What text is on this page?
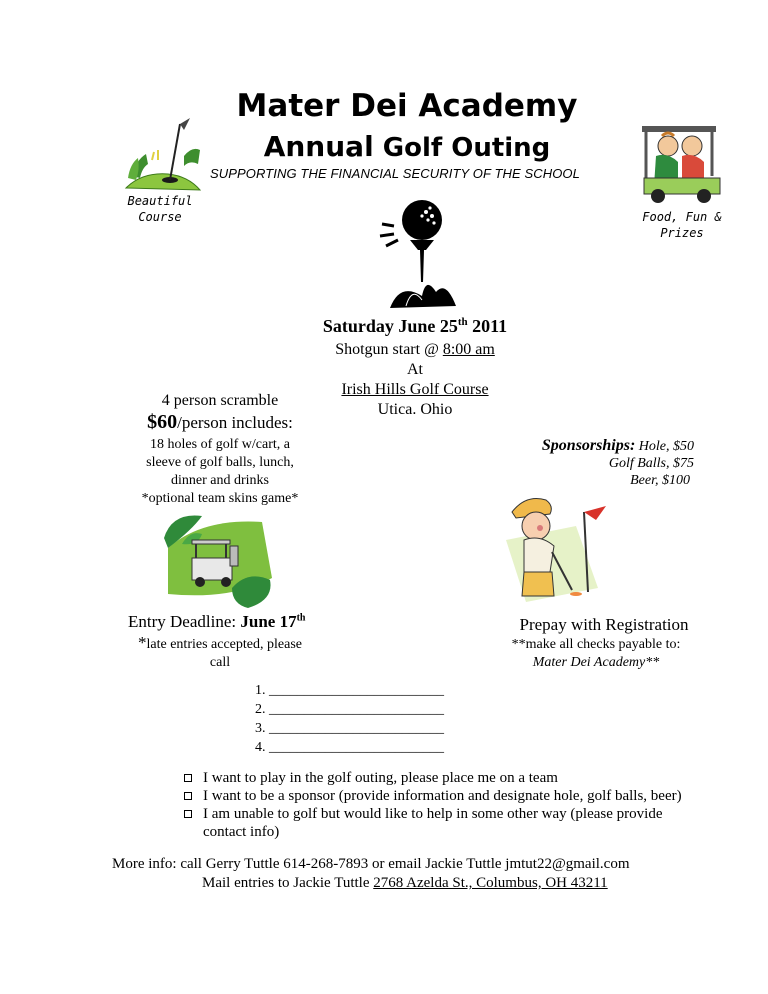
Mater Dei Academy
Annual Golf Outing
SUPPORTING THE FINANCIAL SECURITY OF THE SCHOOL
Beautiful
Course	Food, Fun &
Prizes
Saturday June 25th 2011
Shotgun start @ 8:00 am
At
Irish Hills Golf Course
Utica. Ohio
4 person scramble
$60/person includes:
18 holes of golf w/cart, a
sleeve of golf balls, lunch,
dinner and drinks
*optional team skins game*
Sponsorships: Hole, $50
Golf Balls, $75
Beer, $100
Entry Deadline: June 17th
*late entries accepted, please
call
Prepay with Registration
**make all checks payable to:
Mater Dei Academy**
1. _________________________
2. _________________________
3. _________________________
4. _________________________
I want to play in the golf outing, please place me on a team
I want to be a sponsor (provide information and designate hole, golf balls, beer)
I am unable to golf but would like to help in some other way (please provide
contact info)
More info: call Gerry Tuttle 614-268-7893 or email Jackie Tuttle jmtut22@gmail.com
Mail entries to Jackie Tuttle 2768 Azelda St., Columbus, OH 43211
